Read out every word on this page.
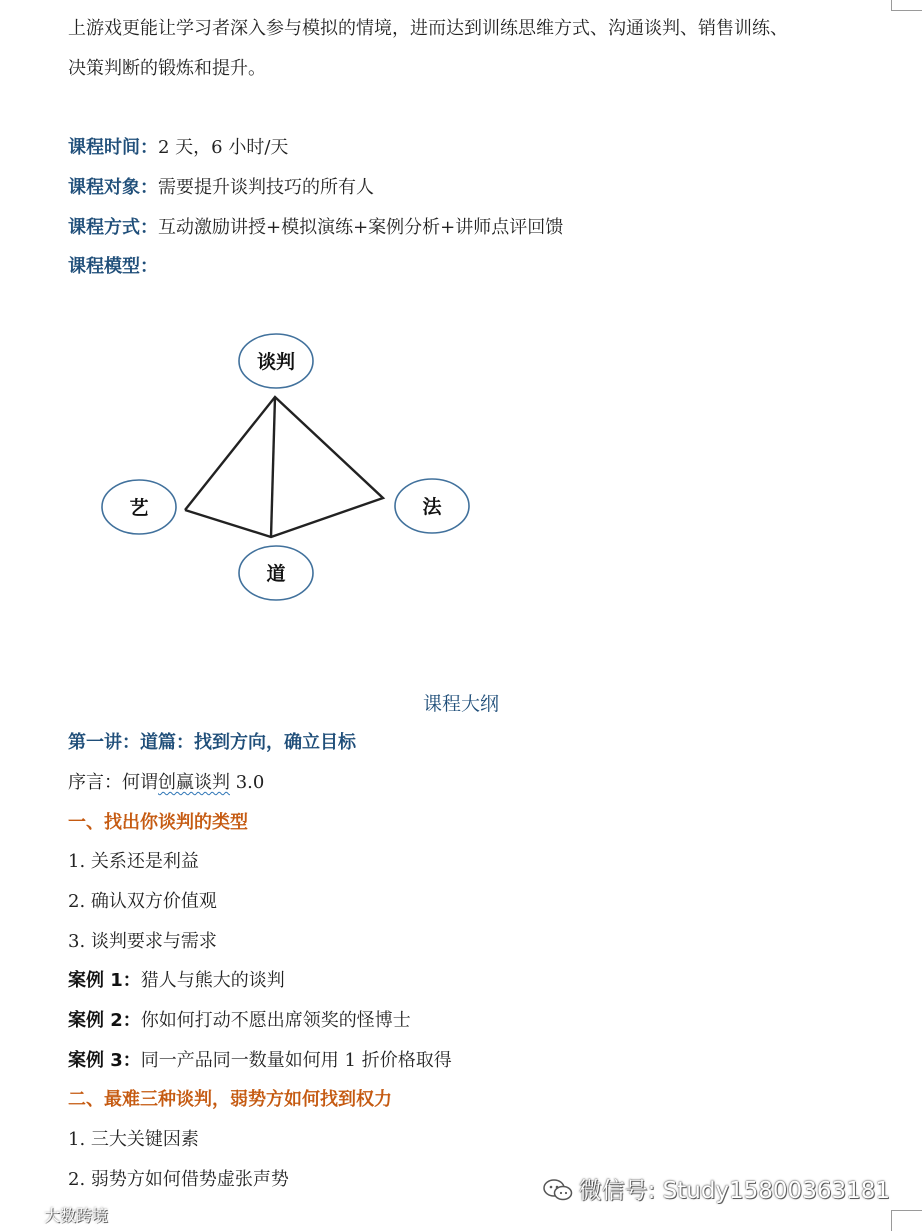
上游戏更能让学习者深入参与模拟的情境，进而达到训练思维方式、沟通谈判、销售训练、
决策判断的锻炼和提升。
课程时间：2 天，6 小时/天
课程对象：需要提升谈判技巧的所有人
课程方式：互动激励讲授+模拟演练+案例分析+讲师点评回馈
课程模型：
谈判
艺	法
道
课程大纲
第一讲：道篇：找到方向，确立目标
序言：何谓创赢谈判 3.0
一、找出你谈判的类型
1. 关系还是利益
2. 确认双方价值观
3. 谈判要求与需求
案例 1：猎人与熊大的谈判
案例 2：你如何打动不愿出席领奖的怪博士
案例 3：同一产品同一数量如何用 1 折价格取得
二、最难三种谈判，弱势方如何找到权力
1. 三大关键因素
2. 弱势方如何借势虚张声势	微信号: Study15800363181
大数跨境
